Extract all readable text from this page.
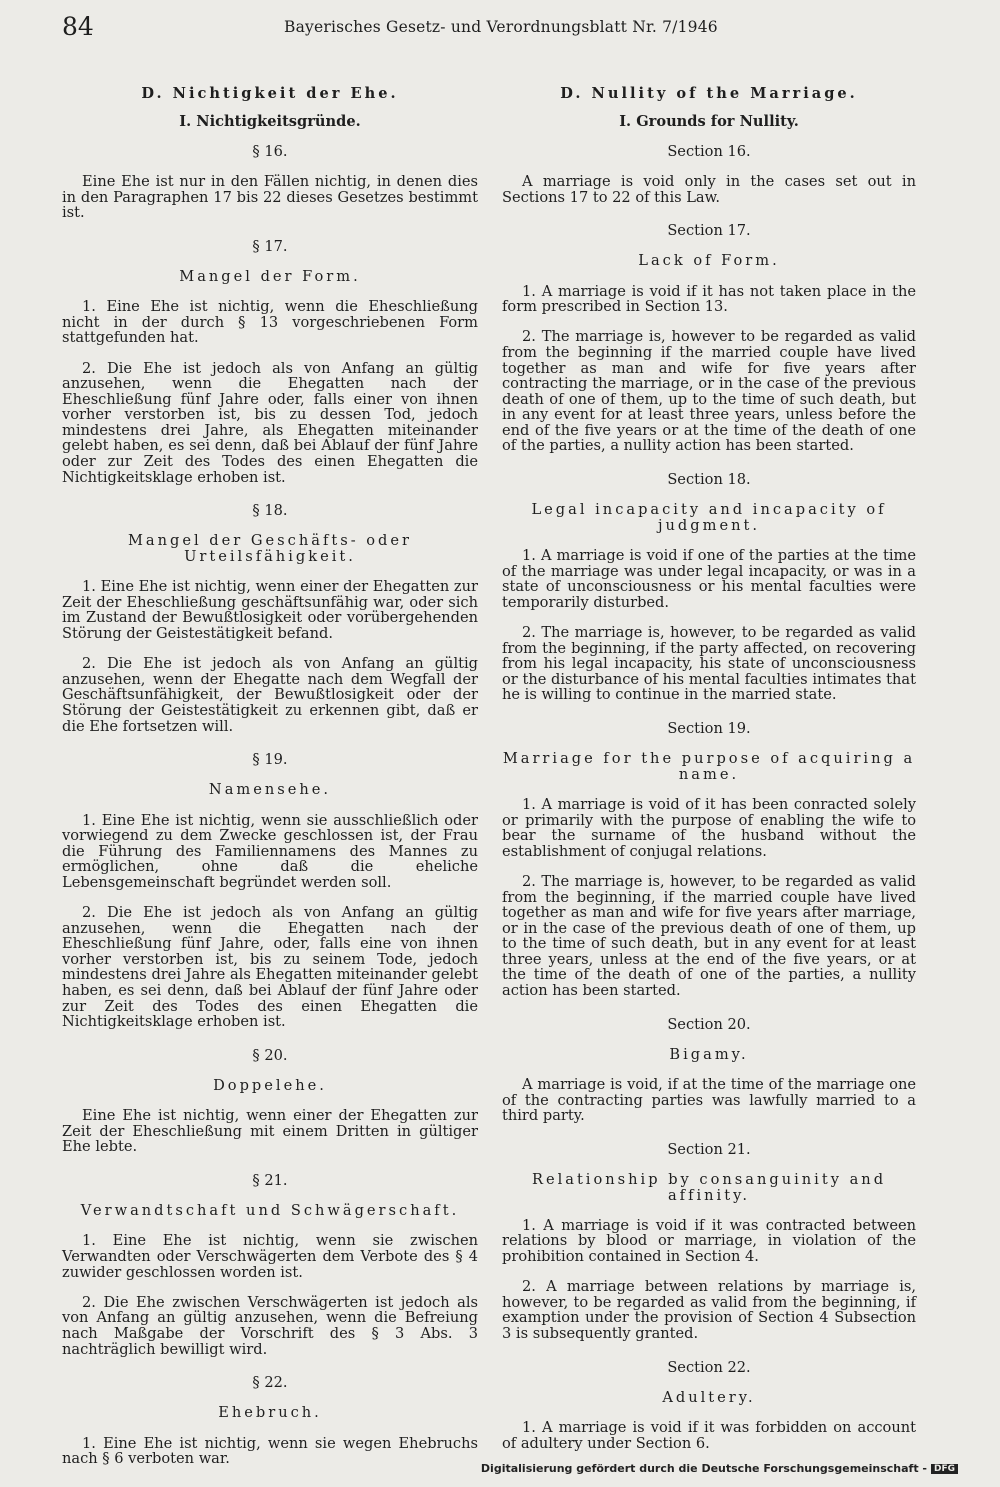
84	Bayerisches Gesetz- und Verordnungsblatt Nr. 7/1946

D. Nichtigkeit der Ehe.

I. Nichtigkeitsgründe.

§ 16.

Eine Ehe ist nur in den Fällen nichtig, in denen dies in den Paragraphen 17 bis 22 dieses Gesetzes bestimmt ist.

§ 17.

Mangel der Form.

1. Eine Ehe ist nichtig, wenn die Eheschließung nicht in der durch § 13 vorgeschriebenen Form stattgefunden hat.

2. Die Ehe ist jedoch als von Anfang an gültig anzusehen, wenn die Ehegatten nach der Eheschließung fünf Jahre oder, falls einer von ihnen vorher verstorben ist, bis zu dessen Tod, jedoch mindestens drei Jahre, als Ehegatten miteinander gelebt haben, es sei denn, daß bei Ablauf der fünf Jahre oder zur Zeit des Todes des einen Ehegatten die Nichtigkeitsklage erhoben ist.

§ 18.

Mangel der Geschäfts- oder Urteilsfähigkeit.

1. Eine Ehe ist nichtig, wenn einer der Ehegatten zur Zeit der Eheschließung geschäftsunfähig war, oder sich im Zustand der Bewußtlosigkeit oder vorübergehenden Störung der Geistestätigkeit befand.

2. Die Ehe ist jedoch als von Anfang an gültig anzusehen, wenn der Ehegatte nach dem Wegfall der Geschäftsunfähigkeit, der Bewußtlosigkeit oder der Störung der Geistestätigkeit zu erkennen gibt, daß er die Ehe fortsetzen will.

§ 19.

Namensehe.

1. Eine Ehe ist nichtig, wenn sie ausschließlich oder vorwiegend zu dem Zwecke geschlossen ist, der Frau die Führung des Familiennamens des Mannes zu ermöglichen, ohne daß die eheliche Lebensgemeinschaft begründet werden soll.

2. Die Ehe ist jedoch als von Anfang an gültig anzusehen, wenn die Ehegatten nach der Eheschließung fünf Jahre, oder, falls eine von ihnen vorher verstorben ist, bis zu seinem Tode, jedoch mindestens drei Jahre als Ehegatten miteinander gelebt haben, es sei denn, daß bei Ablauf der fünf Jahre oder zur Zeit des Todes des einen Ehegatten die Nichtigkeitsklage erhoben ist.

§ 20.

Doppelehe.

Eine Ehe ist nichtig, wenn einer der Ehegatten zur Zeit der Eheschließung mit einem Dritten in gültiger Ehe lebte.

§ 21.

Verwandtschaft und Schwägerschaft.

1. Eine Ehe ist nichtig, wenn sie zwischen Verwandten oder Verschwägerten dem Verbote des § 4 zuwider geschlossen worden ist.

2. Die Ehe zwischen Verschwägerten ist jedoch als von Anfang an gültig anzusehen, wenn die Befreiung nach Maßgabe der Vorschrift des § 3 Abs. 3 nachträglich bewilligt wird.

§ 22.

Ehebruch.

1. Eine Ehe ist nichtig, wenn sie wegen Ehebruchs nach § 6 verboten war.

D. Nullity of the Marriage.

I. Grounds for Nullity.

Section 16.

A marriage is void only in the cases set out in Sections 17 to 22 of this Law.

Section 17.

Lack of Form.

1. A marriage is void if it has not taken place in the form prescribed in Section 13.

2. The marriage is, however to be regarded as valid from the beginning if the married couple have lived together as man and wife for five years after contracting the marriage, or in the case of the previous death of one of them, up to the time of such death, but in any event for at least three years, unless before the end of the five years or at the time of the death of one of the parties, a nullity action has been started.

Section 18.

Legal incapacity and incapacity of judgment.

1. A marriage is void if one of the parties at the time of the marriage was under legal incapacity, or was in a state of unconsciousness or his mental faculties were temporarily disturbed.

2. The marriage is, however, to be regarded as valid from the beginning, if the party affected, on recovering from his legal incapacity, his state of unconsciousness or the disturbance of his mental faculties intimates that he is willing to continue in the married state.

Section 19.

Marriage for the purpose of acquiring a name.

1. A marriage is void of it has been conracted solely or primarily with the purpose of enabling the wife to bear the surname of the husband without the establishment of conjugal relations.

2. The marriage is, however, to be regarded as valid from the beginning, if the married couple have lived together as man and wife for five years after marriage, or in the case of the previous death of one of them, up to the time of such death, but in any event for at least three years, unless at the end of the five years, or at the time of the death of one of the parties, a nullity action has been started.

Section 20.

Bigamy.

A marriage is void, if at the time of the marriage one of the contracting parties was lawfully married to a third party.

Section 21.

Relationship by consanguinity and affinity.

1. A marriage is void if it was contracted between relations by blood or marriage, in violation of the prohibition contained in Section 4.

2. A marriage between relations by marriage is, however, to be regarded as valid from the beginning, if examption under the provision of Section 4 Subsection 3 is subsequently granted.

Section 22.

Adultery.

1. A marriage is void if it was forbidden on account of adultery under Section 6.

Digitalisierung gefördert durch die Deutsche Forschungsgemeinschaft - DFG
